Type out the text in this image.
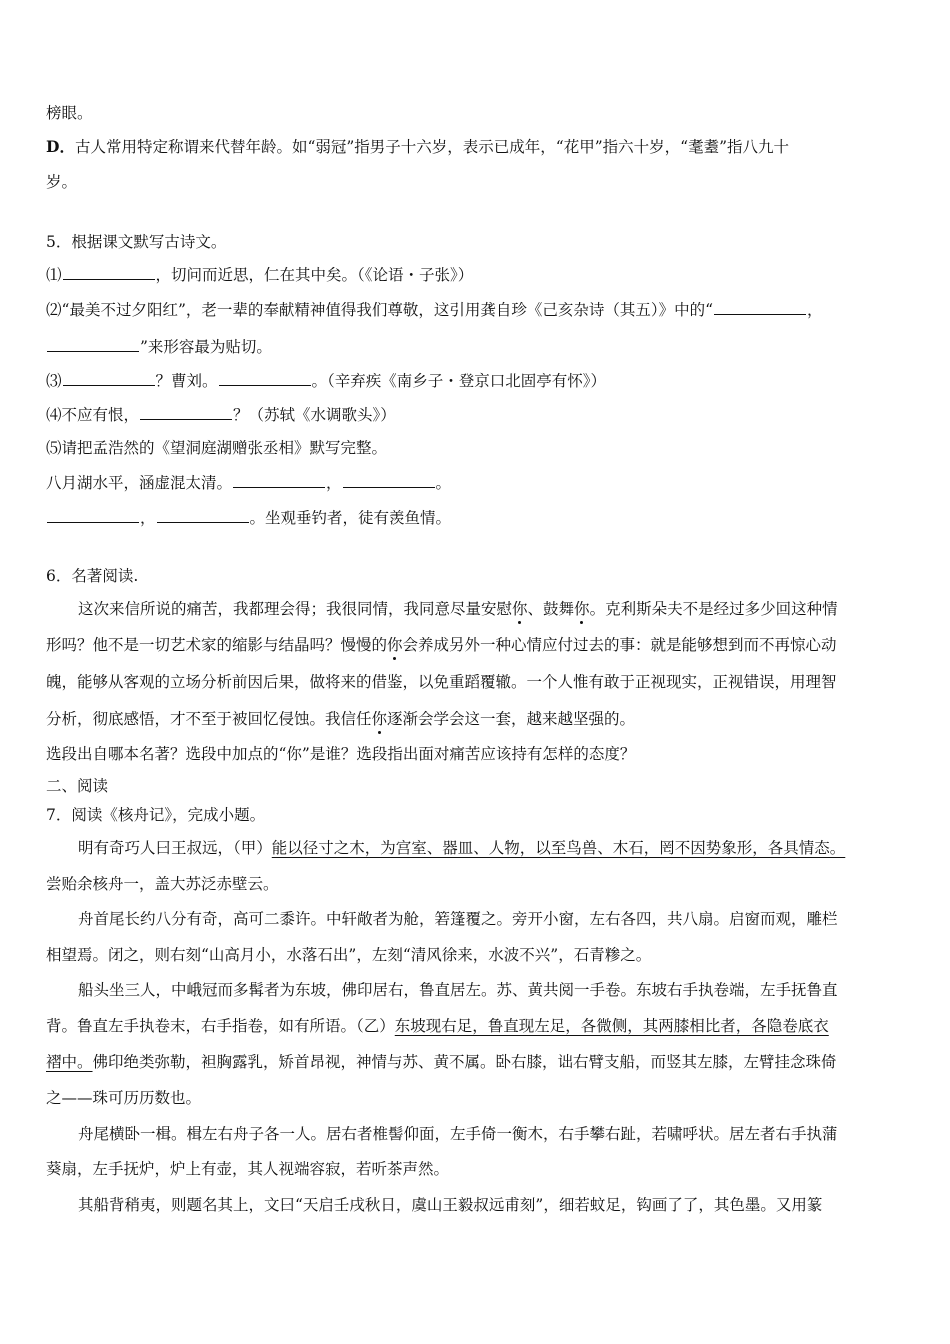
榜眼。
D．古人常用特定称谓来代替年龄。如“弱冠”指男子十六岁，表示已成年，“花甲”指六十岁，“耄耋”指八九十
岁。
5．根据课文默写古诗文。
⑴	，切问而近思，仁在其中矣。（《论语・子张》）
⑵“最美不过夕阳红”，老一辈的奉献精神值得我们尊敬，这引用龚自珍《己亥杂诗（其五）》中的“	，
”来形容最为贴切。
⑶	？曹刘。	。（辛弃疾《南乡子・登京口北固亭有怀》）
⑷不应有恨，	？（苏轼《水调歌头》）
⑸请把孟浩然的《望洞庭湖赠张丞相》默写完整。
八月湖水平，涵虚混太清。	，	。
，	。坐观垂钓者，徒有羡鱼情。
6．名著阅读.
这次来信所说的痛苦，我都理会得；我很同情，我同意尽量安慰你、鼓舞你。克利斯朵夫不是经过多少回这种情
形吗？他不是一切艺术家的缩影与结晶吗？慢慢的你会养成另外一种心情应付过去的事：就是能够想到而不再惊心动
魄，能够从客观的立场分析前因后果，做将来的借鉴，以免重蹈覆辙。一个人惟有敢于正视现实，正视错误，用理智
分析，彻底感悟，才不至于被回忆侵蚀。我信任你逐渐会学会这一套，越来越坚强的。
选段出自哪本名著？选段中加点的“你”是谁？选段指出面对痛苦应该持有怎样的态度？
二、阅读
7．阅读《核舟记》，完成小题。
明有奇巧人曰王叔远，（甲）能以径寸之木，为宫室、器皿、人物，以至鸟兽、木石，罔不因势象形，各具情态。
尝贻余核舟一，盖大苏泛赤壁云。
舟首尾长约八分有奇，高可二黍许。中轩敞者为舱，箬篷覆之。旁开小窗，左右各四，共八扇。启窗而观，雕栏
相望焉。闭之，则右刻“山高月小，水落石出”，左刻“清风徐来，水波不兴”，石青糁之。
船头坐三人，中峨冠而多髯者为东坡，佛印居右，鲁直居左。苏、黄共阅一手卷。东坡右手执卷端，左手抚鲁直
背。鲁直左手执卷末，右手指卷，如有所语。（乙）东坡现右足，鲁直现左足，各微侧，其两膝相比者，各隐卷底衣
褶中。佛印绝类弥勒，袒胸露乳，矫首昂视，神情与苏、黄不属。卧右膝，诎右臂支船，而竖其左膝，左臂挂念珠倚
之——珠可历历数也。
舟尾横卧一楫。楫左右舟子各一人。居右者椎髻仰面，左手倚一衡木，右手攀右趾，若啸呼状。居左者右手执蒲
葵扇，左手抚炉，炉上有壶，其人视端容寂，若听茶声然。
其船背稍夷，则题名其上，文曰“天启壬戌秋日，虞山王毅叔远甫刻”，细若蚊足，钩画了了，其色墨。又用篆
